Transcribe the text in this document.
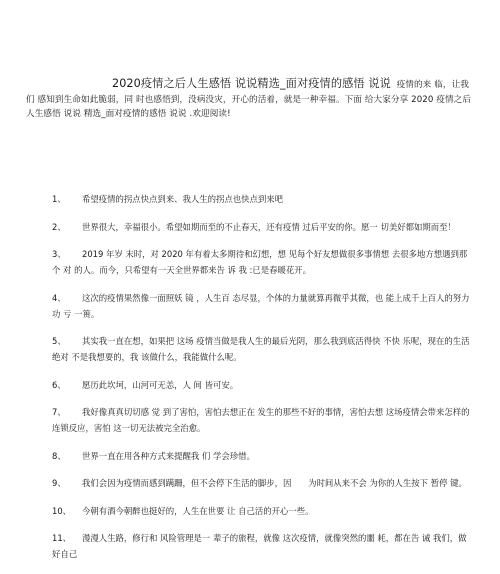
2020疫情之后人生感悟 说说精选_面对疫情的感悟 说说 疫情的来 临，让我 们 感知到生命如此脆弱，同 时也感悟到，没病没灾，开心的活着，就是一种幸福。下面 给大家分享 2020 疫情之后人生感悟 说说 精选_面对疫情的感悟 说说 .欢迎阅读!
1、 希望疫情的拐点快点到来、我人生的拐点也快点到来吧
2、 世界很大，幸福很小。希望如期而至的不止春天，还有疫情 过后平安的你。愿一 切美好都如期而至！
3、 2019 年岁 末时，对 2020 年有着太多期待和幻想，想 见每个好友想做很多事情想 去很多地方想遇到那个 对 的人。而今，只希望有一天全世界都来告 诉 我 :已是春暖花开。
4、 这次的疫情果然像一面照妖 镜 ，人生百 态尽显，个体的力量就算再微乎其微，也 能上成千上百人的努力功 亏 一篑。
5、 其实我一直在想，如果把 这场 疫情当做是我人生的最后光阴，那么我到底活得快 不快 乐呢，现在的生活 绝对 不是我想要的，我 该做什么，我能做什么呢。
6、 愿历此坎坷，山河可无恙，人 间 皆可安。
7、 我好像真真切切感 觉 到了害怕，害怕去想正在 发生的那些不好的事情，害怕去想 这场疫情会带来怎样的连锁反应，害怕 这一切无法被完全治愈。
8、 世界一直在用各种方式来提醒我 们 学会珍惜。
9、 我们会因为疫情而感到蹒跚，但不会停下生活的脚步，因　　为时间从来不会 为你的人生按下 暂停 键。
10、 今朝有酒今朝醉也挺好的，人生在世要 让 自己活的开心一些。
11、 漫漫人生路，修行和 风险管理是一 辈子的旅程，就像 这次疫情，就像突然的噩 耗，都在告 诫 我们，做好自己
